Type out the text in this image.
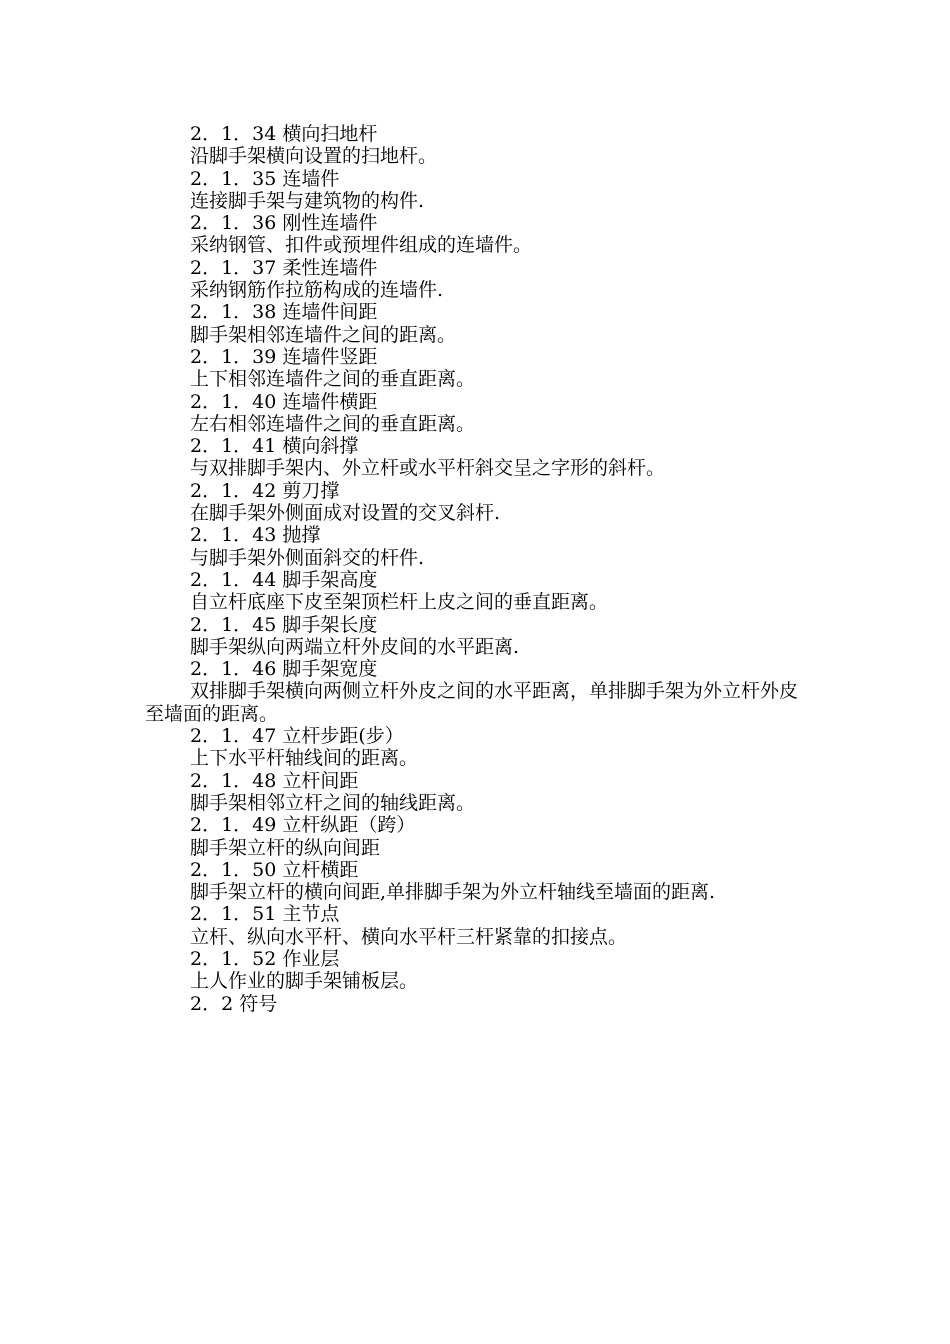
2．1．34 横向扫地杆

沿脚手架横向设置的扫地杆。

2．1．35 连墙件

连接脚手架与建筑物的构件.

2．1．36 刚性连墙件

采纳钢管、扣件或预埋件组成的连墙件。

2．1．37 柔性连墙件

采纳钢筋作拉筋构成的连墙件.

2．1．38 连墙件间距

脚手架相邻连墙件之间的距离。

2．1．39 连墙件竖距

上下相邻连墙件之间的垂直距离。

2．1．40 连墙件横距

左右相邻连墙件之间的垂直距离。

2．1．41 横向斜撑

与双排脚手架内、外立杆或水平杆斜交呈之字形的斜杆。

2．1．42 剪刀撑

在脚手架外侧面成对设置的交叉斜杆.

2．1．43 抛撑

与脚手架外侧面斜交的杆件.

2．1．44 脚手架高度

自立杆底座下皮至架顶栏杆上皮之间的垂直距离。

2．1．45 脚手架长度

脚手架纵向两端立杆外皮间的水平距离.

2．1．46 脚手架宽度

双排脚手架横向两侧立杆外皮之间的水平距离，单排脚手架为外立杆外皮至墙面的距离。

2．1．47 立杆步距(步）

上下水平杆轴线间的距离。

2．1．48 立杆间距

脚手架相邻立杆之间的轴线距离。

2．1．49 立杆纵距（跨）

脚手架立杆的纵向间距

2．1．50 立杆横距

脚手架立杆的横向间距,单排脚手架为外立杆轴线至墙面的距离.

2．1．51 主节点

立杆、纵向水平杆、横向水平杆三杆紧靠的扣接点。

2．1．52 作业层

上人作业的脚手架铺板层。

2．2 符号
